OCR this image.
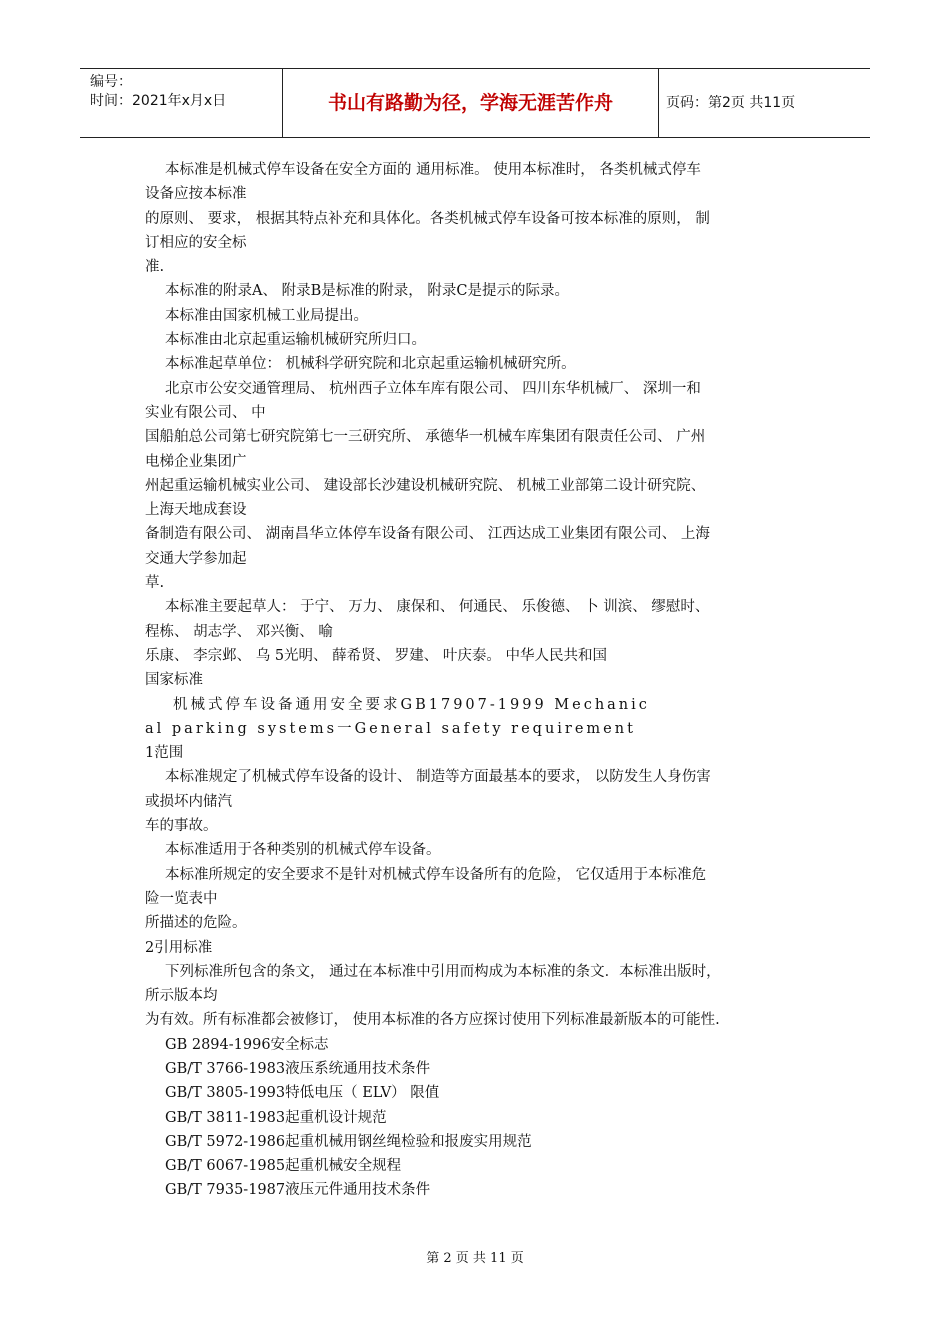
编号：
时间：2021年x月x日	书山有路勤为径，学海无涯苦作舟	页码：第2页 共11页

本标准是机械式停车设备在安全方面的 通用标准。 使用本标准时， 各类机械式停车

设备应按本标准

的原则、 要求， 根据其特点补充和具体化。各类机械式停车设备可按本标准的原则， 制

订相应的安全标

准.

本标准的附录A、 附录B是标准的附录， 附录C是提示的际录。

本标准由国家机械工业局提出。

本标准由北京起重运输机械研究所归口。

本标准起草单位： 机械科学研究院和北京起重运输机械研究所。

北京市公安交通管理局、 杭州西子立体车库有限公司、 四川东华机械厂、 深圳一和

实业有限公司、 中

国船舶总公司第七研究院第七一三研究所、 承德华一机械车库集团有限责任公司、 广州

电梯企业集团广

州起重运输机械实业公司、 建设部长沙建设机械研究院、 机械工业部第二设计研究院、

上海天地成套设

备制造有限公司、 湖南昌华立体停车设备有限公司、 江西达成工业集团有限公司、 上海

交通大学参加起

草.

本标准主要起草人： 于宁、 万力、 康保和、 何通民、 乐俊德、 卜 训滨、 缪慰时、

程栋、 胡志学、 邓兴衡、 喻

乐康、 李宗邺、 乌 5光明、 薛希贤、 罗建、 叶庆泰。 中华人民共和国

国家标准

机械式停车设备通用安全要求GB17907-1999 Mechanic

al parking systems一General safety requirement

1范围

本标准规定了机械式停车设备的设计、 制造等方面最基本的要求， 以防发生人身伤害

或损坏内储汽

车的事故。

本标准适用于各种类别的机械式停车设备。

本标准所规定的安全要求不是针对机械式停车设备所有的危险， 它仅适用于本标准危

险一览表中

所描述的危险。

2引用标准

下列标准所包含的条文， 通过在本标准中引用而构成为本标准的条文．本标准出版时，

所示版本均

为有效。所有标准都会被修订， 使用本标准的各方应探讨使用下列标准最新版本的可能性.

GB 2894-1996安全标志

GB/T 3766-1983液压系统通用技术条件

GB/T 3805-1993特低电压（ ELV） 限值

GB/T 3811-1983起重机设计规范

GB/T 5972-1986起重机械用钢丝绳检验和报废实用规范

GB/T 6067-1985起重机械安全规程

GB/T 7935-1987液压元件通用技术条件

第 2 页 共 11 页
